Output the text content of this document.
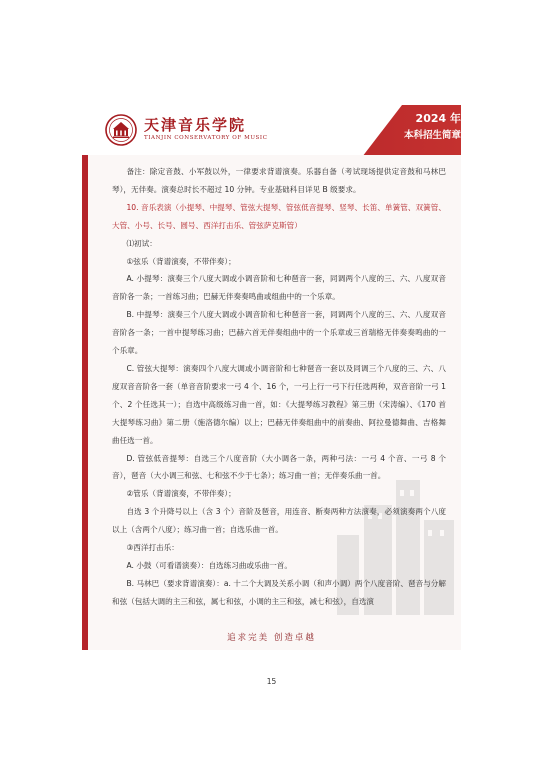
天津音乐学院
TIANJIN CONSERVATORY OF MUSIC
2024 年
本科招生简章

备注：除定音鼓、小军鼓以外，一律要求背谱演奏。乐器自备（考试现场提供定音鼓和马林巴琴），无伴奏。演奏总时长不超过 10 分钟。专业基础科目详见 B 级要求。

10. 音乐表演（小提琴、中提琴、管弦大提琴、管弦低音提琴、竖琴、长笛、单簧管、双簧管、大管、小号、长号、圆号、西洋打击乐、管弦萨克斯管）

⑴初试：

①弦乐（背谱演奏，不带伴奏）；

A. 小提琴：演奏三个八度大调或小调音阶和七种琶音一套，同调两个八度的三、六、八度双音音阶各一条；一首练习曲；巴赫无伴奏奏鸣曲或组曲中的一个乐章。

B. 中提琴：演奏三个八度大调或小调音阶和七种琶音一套，同调两个八度的三、六、八度双音音阶各一条；一首中提琴练习曲；巴赫六首无伴奏组曲中的一个乐章或三首瑞格无伴奏奏鸣曲的一个乐章。

C. 管弦大提琴：演奏四个八度大调或小调音阶和七种琶音一套以及同调三个八度的三、六、八度双音音阶各一套（单音音阶要求一弓 4 个、16 个，一弓上行一弓下行任选两种，双音音阶一弓 1 个、2 个任选其一）；自选中高级练习曲一首，如：《大提琴练习教程》第三册（宋涛编）、《170 首大提琴练习曲》第二册（施洛德尔编）以上；巴赫无伴奏组曲中的前奏曲、阿拉曼德舞曲、吉格舞曲任选一首。

D. 管弦低音提琴：自选三个八度音阶（大小调各一条，两种弓法：一弓 4 个音、一弓 8 个音），琶音（大小调三和弦、七和弦不少于七条）；练习曲一首；无伴奏乐曲一首。

②管乐（背谱演奏，不带伴奏）；

自选 3 个升降号以上（含 3 个）音阶及琶音，用连音、断奏两种方法演奏，必须演奏两个八度以上（含两个八度）；练习曲一首；自选乐曲一首。

③西洋打击乐：

A. 小鼓（可看谱演奏）：自选练习曲或乐曲一首。

B. 马林巴（要求背谱演奏）：a. 十二个大调及关系小调（和声小调）两个八度音阶、琶音与分解和弦（包括大调的主三和弦，属七和弦，小调的主三和弦，减七和弦），自选演

追求完美 创造卓越
15
